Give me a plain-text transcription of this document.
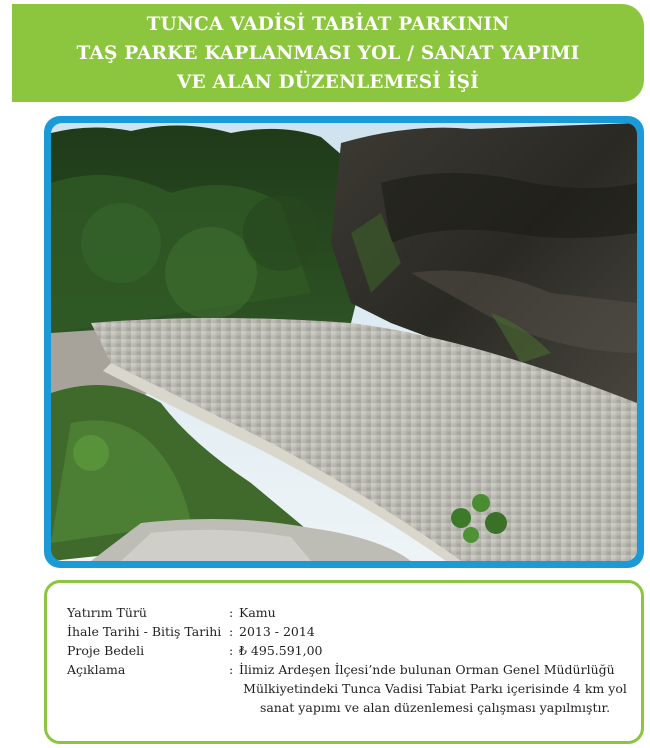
TUNCA VADİSİ TABİAT PARKININ
TAŞ PARKE KAPLANMASI YOL / SANAT YAPIMI
VE ALAN DÜZENLEMESİ İŞİ
Yatırım Türü	: Kamu
İhale Tarihi - Bitiş Tarihi : 2013 - 2014
Proje Bedeli	: ₺ 495.591,00
Açıklama	: İlimiz Ardeşen İlçesi’nde bulunan Orman Genel Müdürlüğü
Mülkiyetindeki Tunca Vadisi Tabiat Parkı içerisinde 4 km yol
sanat yapımı ve alan düzenlemesi çalışması yapılmıştır.
